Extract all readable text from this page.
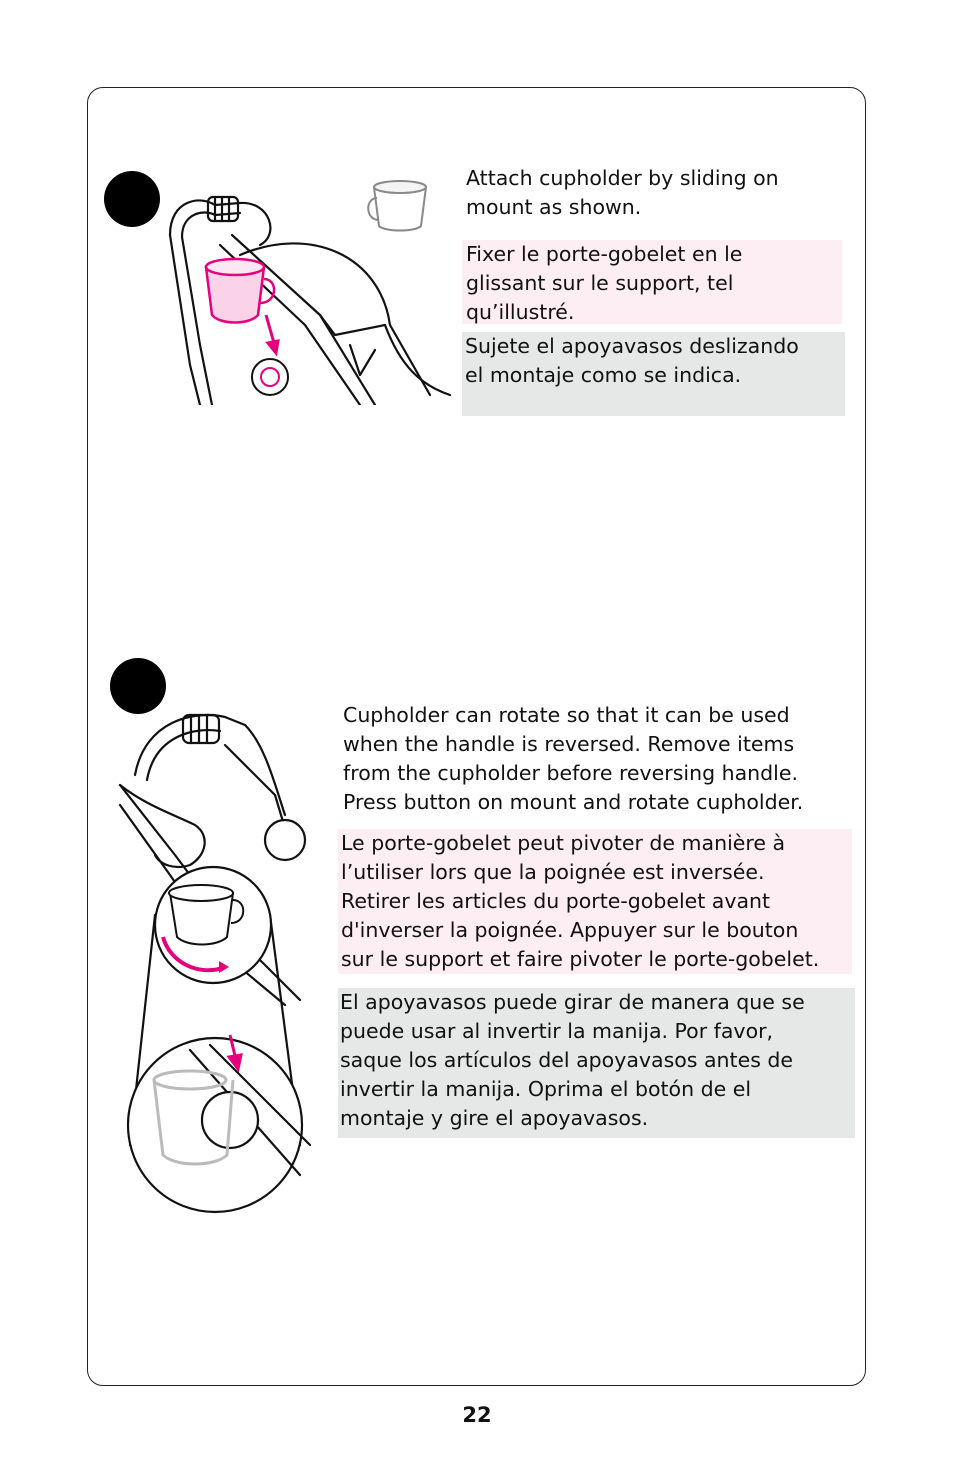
Attach cupholder by sliding on
mount as shown.

Fixer le porte-gobelet en le
glissant sur le support, tel
qu’illustré.

Sujete el apoyavasos deslizando
el montaje como se indica.

Cupholder can rotate so that it can be used
when the handle is reversed. Remove items
from the cupholder before reversing handle.
Press button on mount and rotate cupholder.

Le porte-gobelet peut pivoter de manière à
l’utiliser lors que la poignée est inversée.
Retirer les articles du porte-gobelet avant
d'inverser la poignée. Appuyer sur le bouton
sur le support et faire pivoter le porte-gobelet.

El apoyavasos puede girar de manera que se
puede usar al invertir la manija. Por favor,
saque los artículos del apoyavasos antes de
invertir la manija. Oprima el botón de el
montaje y gire el apoyavasos.

22
